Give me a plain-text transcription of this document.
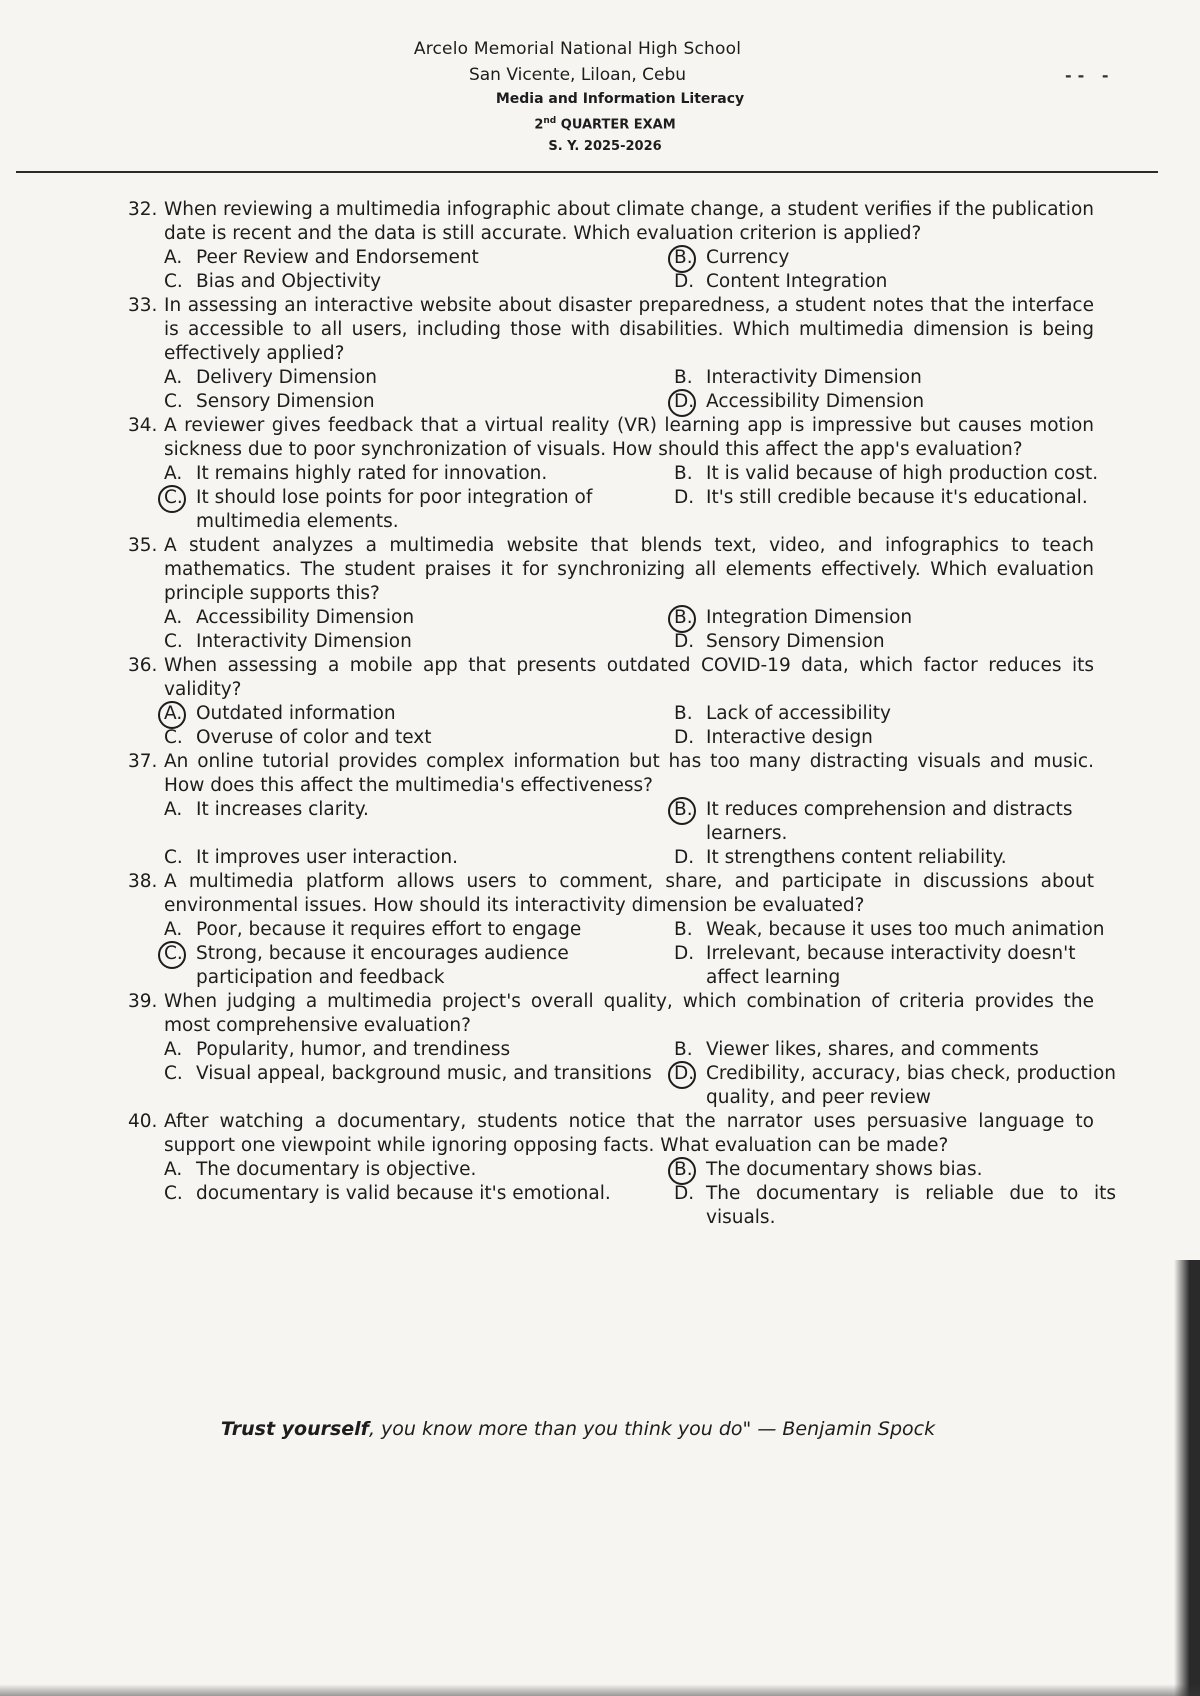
-- -
Arcelo Memorial National High School
San Vicente, Liloan, Cebu
Media and Information Literacy
2nd QUARTER EXAM
S. Y. 2025-2026
32. When reviewing a multimedia infographic about climate change, a student verifies if the publication date is recent and the data is still accurate. Which evaluation criterion is applied?
A. Peer Review and Endorsement	B. Currency
C. Bias and Objectivity	D. Content Integration
33. In assessing an interactive website about disaster preparedness, a student notes that the interface is accessible to all users, including those with disabilities. Which multimedia dimension is being effectively applied?
A. Delivery Dimension	B. Interactivity Dimension
C. Sensory Dimension	D. Accessibility Dimension
34. A reviewer gives feedback that a virtual reality (VR) learning app is impressive but causes motion sickness due to poor synchronization of visuals. How should this affect the app's evaluation?
A. It remains highly rated for innovation.	B. It is valid because of high production cost.
C. It should lose points for poor integration of multimedia elements.
D. It's still credible because it's educational.
35. A student analyzes a multimedia website that blends text, video, and infographics to teach mathematics. The student praises it for synchronizing all elements effectively. Which evaluation principle supports this?
A. Accessibility Dimension	B. Integration Dimension
C. Interactivity Dimension	D. Sensory Dimension
36. When assessing a mobile app that presents outdated COVID-19 data, which factor reduces its validity?
A. Outdated information	B. Lack of accessibility
C. Overuse of color and text	D. Interactive design
37. An online tutorial provides complex information but has too many distracting visuals and music. How does this affect the multimedia's effectiveness?
A. It increases clarity.	B. It reduces comprehension and distracts learners.
C. It improves user interaction.	D. It strengthens content reliability.
38. A multimedia platform allows users to comment, share, and participate in discussions about environmental issues. How should its interactivity dimension be evaluated?
A. Poor, because it requires effort to engage	B. Weak, because it uses too much animation
C. Strong, because it encourages audience participation and feedback
D. Irrelevant, because interactivity doesn't affect learning
39. When judging a multimedia project's overall quality, which combination of criteria provides the most comprehensive evaluation?
A. Popularity, humor, and trendiness	B. Viewer likes, shares, and comments
C. Visual appeal, background music, and transitions	D. Credibility, accuracy, bias check, production quality, and peer review
40. After watching a documentary, students notice that the narrator uses persuasive language to support one viewpoint while ignoring opposing facts. What evaluation can be made?
A. The documentary is objective.	B. The documentary shows bias.
C. documentary is valid because it's emotional.	D. The documentary is reliable due to its visuals.
Trust yourself, you know more than you think you do" — Benjamin Spock
